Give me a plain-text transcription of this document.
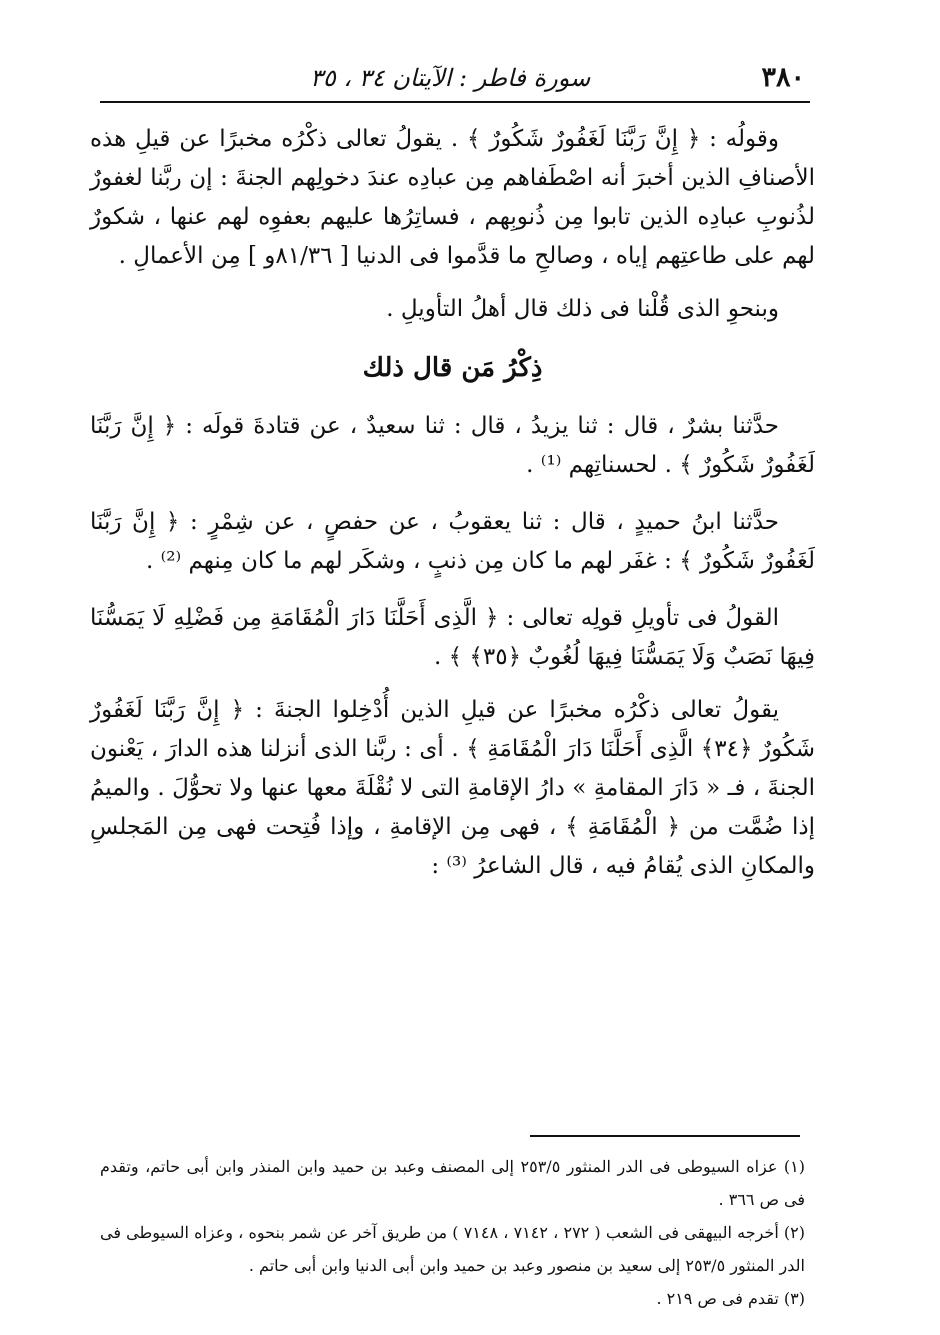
٣٨٠
سورة فاطر : الآيتان ٣٤ ، ٣٥

وقولُه : ﴿ إِنَّ رَبَّنَا لَغَفُورٌ شَكُورٌ ﴾ . يقولُ تعالى ذكْرُه مخبرًا عن قيلِ هذه الأصنافِ الذين أخبرَ أنه اصْطَفاهم مِن عبادِه عندَ دخولِهم الجنةَ : إن ربَّنا لغفورٌ لذُنوبِ عبادِه الذين تابوا مِن ذُنوبِهم ، فساتِرُها عليهم بعفوِه لهم عنها ، شكورٌ لهم على طاعتِهم إياه ، وصالحِ ما قدَّموا فى الدنيا [ ٨١/٣٦و ] مِن الأعمالِ .

وبنحوِ الذى قُلْنا فى ذلك قال أهلُ التأويلِ .

ذِكْرُ مَن قال ذلك

حدَّثنا بشرٌ ، قال : ثنا يزيدُ ، قال : ثنا سعيدٌ ، عن قتادةَ قولَه : ﴿ إِنَّ رَبَّنَا لَغَفُورٌ شَكُورٌ ﴾ . لحسناتِهم ⁽¹⁾ .

حدَّثنا ابنُ حميدٍ ، قال : ثنا يعقوبُ ، عن حفصٍ ، عن شِمْرٍ : ﴿ إِنَّ رَبَّنَا لَغَفُورٌ شَكُورٌ ﴾ : غفَر لهم ما كان مِن ذنبٍ ، وشكَر لهم ما كان مِنهم ⁽²⁾ .

القولُ فى تأويلِ قولِه تعالى : ﴿ الَّذِى أَحَلَّنَا دَارَ الْمُقَامَةِ مِن فَضْلِهِ لَا يَمَسُّنَا فِيهَا نَصَبٌ وَلَا يَمَسُّنَا فِيهَا لُغُوبٌ ﴿٣٥﴾ ﴾ .

يقولُ تعالى ذكْرُه مخبرًا عن قيلِ الذين أُدْخِلوا الجنةَ : ﴿ إِنَّ رَبَّنَا لَغَفُورٌ شَكُورٌ ﴿٣٤﴾ الَّذِى أَحَلَّنَا دَارَ الْمُقَامَةِ ﴾ . أى : ربَّنا الذى أنزلنا هذه الدارَ ، يَعْنون الجنةَ ، فـ « دَارَ المقامةِ » دارُ الإقامةِ التى لا نُقْلَةَ معها عنها ولا تحوُّلَ . والميمُ إذا ضُمَّت من ﴿ الْمُقَامَةِ ﴾ ، فهى مِن الإقامةِ ، وإذا فُتِحت فهى مِن المَجلسِ والمكانِ الذى يُقامُ فيه ، قال الشاعرُ ⁽³⁾ :

(١) عزاه السيوطى فى الدر المنثور ٢٥٣/٥ إلى المصنف وعبد بن حميد وابن المنذر وابن أبى حاتم، وتقدم فى ص ٣٦٦ .

(٢) أخرجه البيهقى فى الشعب ( ٢٧٢ ، ٧١٤٢ ، ٧١٤٨ ) من طريق آخر عن شمر بنحوه ، وعزاه السيوطى فى الدر المنثور ٢٥٣/٥ إلى سعيد بن منصور وعبد بن حميد وابن أبى الدنيا وابن أبى حاتم .

(٣) تقدم فى ص ٢١٩ .
